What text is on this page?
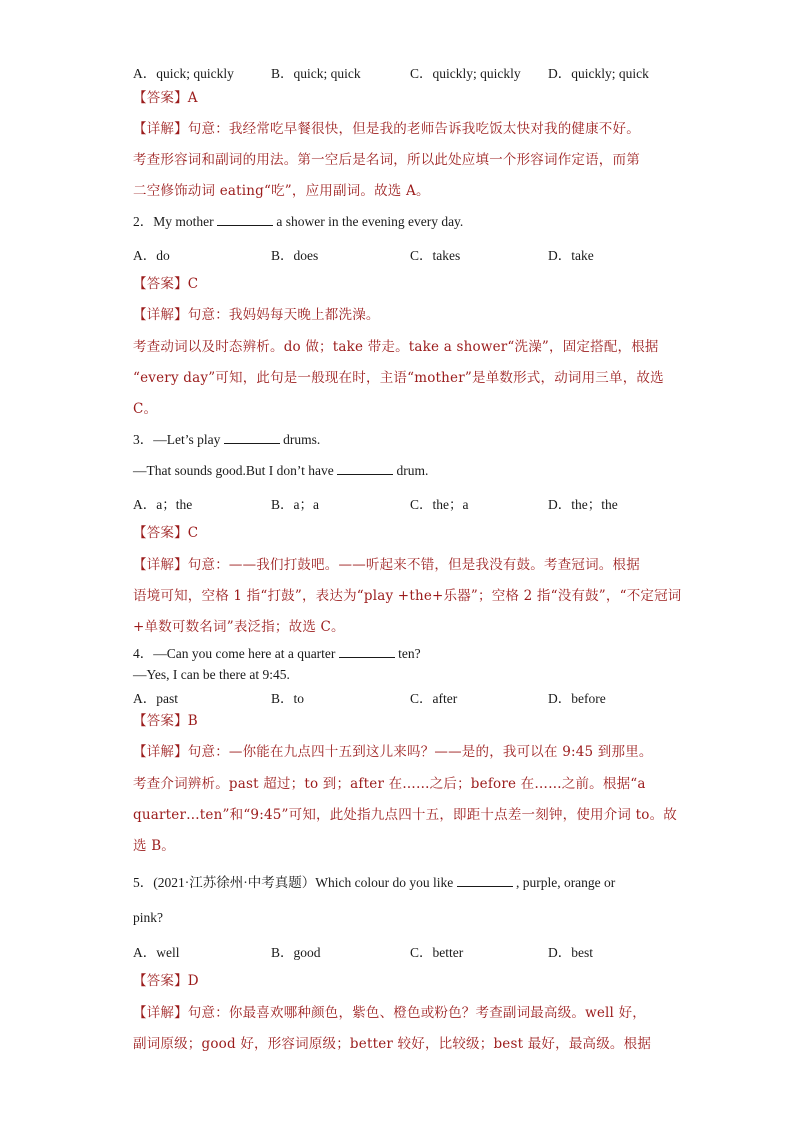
A．quick; quickly	B．quick; quick	C．quickly; quickly D．quickly; quick
【答案】A
【详解】句意：我经常吃早餐很快，但是我的老师告诉我吃饭太快对我的健康不好。
考查形容词和副词的用法。第一空后是名词，所以此处应填一个形容词作定语，而第
二空修饰动词 eating“吃”，应用副词。故选 A。
2．My mother	a shower in the evening every day.
A．do	B．does	C．takes	D．take
【答案】C
【详解】句意：我妈妈每天晚上都洗澡。
考查动词以及时态辨析。do 做；take 带走。take a shower“洗澡”，固定搭配，根据
“every day”可知，此句是一般现在时，主语“mother”是单数形式，动词用三单，故选
C。
3．—Let’s play	drums.
—That sounds good.But I don’t have	drum.
A．a；the	B．a；a	C．the；a	D．the；the
【答案】C
【详解】句意：——我们打鼓吧。——听起来不错，但是我没有鼓。考查冠词。根据
语境可知，空格 1 指“打鼓”，表达为“play +the+乐器”；空格 2 指“没有鼓”，“不定冠词
+单数可数名词”表泛指；故选 C。
4．—Can you come here at a quarter	ten?
—Yes, I can be there at 9:45.
A．past	B．to	C．after	D．before
【答案】B
【详解】句意：—你能在九点四十五到这儿来吗？——是的，我可以在 9:45 到那里。
考查介词辨析。past 超过；to 到；after 在……之后；before 在……之前。根据“a
quarter…ten”和“9:45”可知，此处指九点四十五，即距十点差一刻钟，使用介词 to。故
选 B。
5．(2021·江苏徐州·中考真题）Which colour do you like	, purple, orange or
pink?
A．well	B．good	C．better	D．best
【答案】D
【详解】句意：你最喜欢哪种颜色，紫色、橙色或粉色？考查副词最高级。well 好，
副词原级；good 好，形容词原级；better 较好，比较级；best 最好，最高级。根据
